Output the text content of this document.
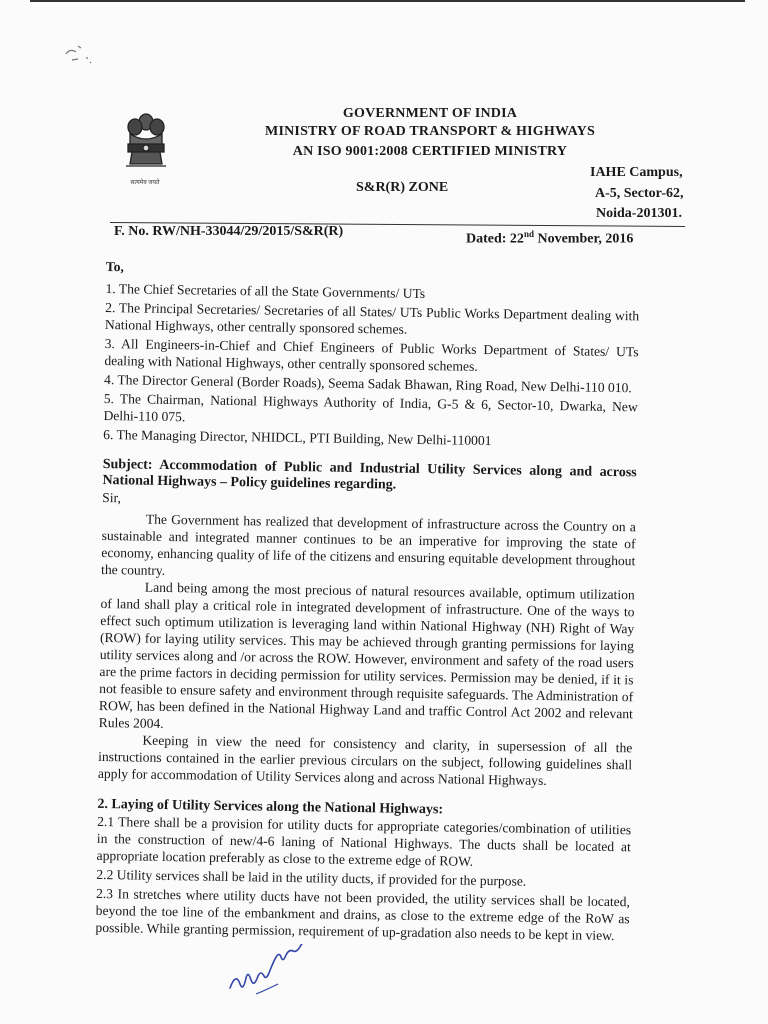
सत्यमेव जयते
GOVERNMENT OF INDIA
MINISTRY OF ROAD TRANSPORT & HIGHWAYS
AN ISO 9001:2008 CERTIFIED MINISTRY
S&R(R) ZONE
IAHE Campus,
A-5, Sector-62,
Noida-201301.
F. No. RW/NH-33044/29/2015/S&R(R)
Dated: 22nd November, 2016

To,

1. The Chief Secretaries of all the State Governments/ UTs

2. The Principal Secretaries/ Secretaries of all States/ UTs Public Works Department dealing with National Highways, other centrally sponsored schemes.

3. All Engineers-in-Chief and Chief Engineers of Public Works Department of States/ UTs dealing with National Highways, other centrally sponsored schemes.

4. The Director General (Border Roads), Seema Sadak Bhawan, Ring Road, New Delhi-110 010.

5. The Chairman, National Highways Authority of India, G-5 & 6, Sector-10, Dwarka, New Delhi-110 075.

6. The Managing Director, NHIDCL, PTI Building, New Delhi-110001

Subject: Accommodation of Public and Industrial Utility Services along and across National Highways – Policy guidelines regarding.

Sir,

The Government has realized that development of infrastructure across the Country on a sustainable and integrated manner continues to be an imperative for improving the state of economy, enhancing quality of life of the citizens and ensuring equitable development throughout the country.

Land being among the most precious of natural resources available, optimum utilization of land shall play a critical role in integrated development of infrastructure. One of the ways to effect such optimum utilization is leveraging land within National Highway (NH) Right of Way (ROW) for laying utility services. This may be achieved through granting permissions for laying utility services along and /or across the ROW. However, environment and safety of the road users are the prime factors in deciding permission for utility services. Permission may be denied, if it is not feasible to ensure safety and environment through requisite safeguards. The Administration of ROW, has been defined in the National Highway Land and traffic Control Act 2002 and relevant Rules 2004.

Keeping in view the need for consistency and clarity, in supersession of all the instructions contained in the earlier previous circulars on the subject, following guidelines shall apply for accommodation of Utility Services along and across National Highways.

2. Laying of Utility Services along the National Highways:

2.1 There shall be a provision for utility ducts for appropriate categories/combination of utilities in the construction of new/4-6 laning of National Highways. The ducts shall be located at appropriate location preferably as close to the extreme edge of ROW.

2.2 Utility services shall be laid in the utility ducts, if provided for the purpose.

2.3 In stretches where utility ducts have not been provided, the utility services shall be located, beyond the toe line of the embankment and drains, as close to the extreme edge of the RoW as possible. While granting permission, requirement of up-gradation also needs to be kept in view.
